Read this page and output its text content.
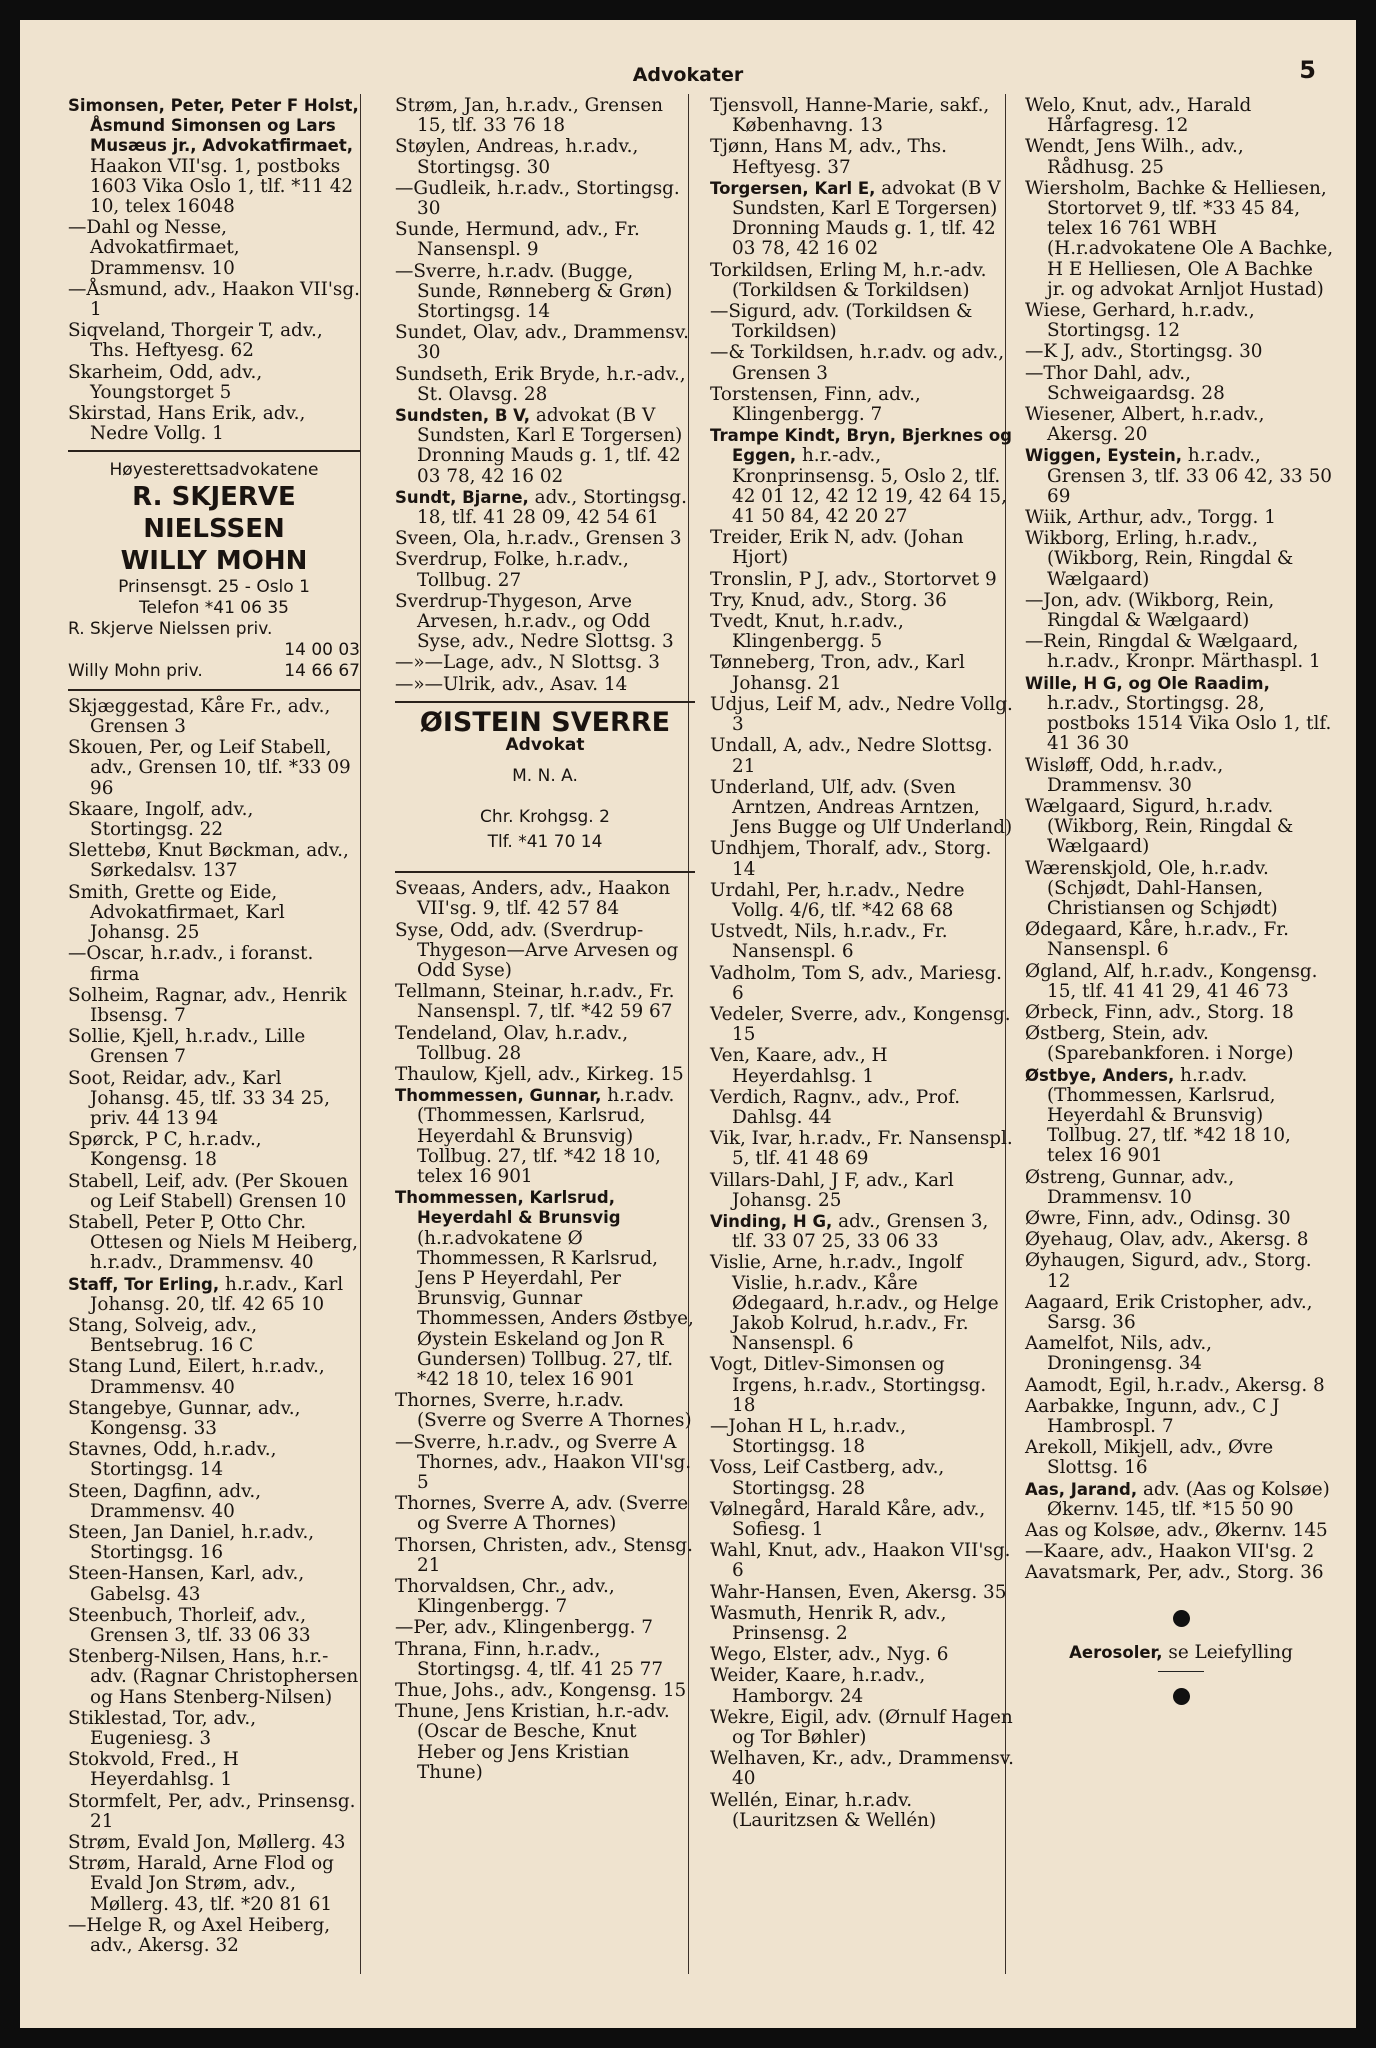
Advokater	5
Simonsen, Peter, Peter F Holst, Åsmund Simonsen og Lars Musæus jr., Advokatfirmaet, Haakon VII'sg. 1, postboks 1603 Vika Oslo 1, tlf. *11 42 10, telex 16048
—Dahl og Nesse, Advokatfirmaet, Drammensv. 10
—Åsmund, adv., Haakon VII'sg. 1
Siqveland, Thorgeir T, adv., Ths. Heftyesg. 62
Skarheim, Odd, adv., Youngstorget 5
Skirstad, Hans Erik, adv., Nedre Vollg. 1
Høyesterettsadvokatene
R. SKJERVE NIELSSEN
WILLY MOHN
Prinsensgt. 25 - Oslo 1
Telefon *41 06 35
R. Skjerve Nielssen priv.
14 00 03
Willy Mohn priv.	14 66 67
Skjæggestad, Kåre Fr., adv., Grensen 3
Skouen, Per, og Leif Stabell, adv., Grensen 10, tlf. *33 09 96
Skaare, Ingolf, adv., Stortingsg. 22
Slettebø, Knut Bøckman, adv., Sørkedalsv. 137
Smith, Grette og Eide, Advokatfirmaet, Karl Johansg. 25
—Oscar, h.r.adv., i foranst. firma
Solheim, Ragnar, adv., Henrik Ibsensg. 7
Sollie, Kjell, h.r.adv., Lille Grensen 7
Soot, Reidar, adv., Karl Johansg. 45, tlf. 33 34 25, priv. 44 13 94
Spørck, P C, h.r.adv., Kongensg. 18
Stabell, Leif, adv. (Per Skouen og Leif Stabell) Grensen 10
Stabell, Peter P, Otto Chr. Ottesen og Niels M Heiberg, h.r.adv., Drammensv. 40
Staff, Tor Erling, h.r.adv., Karl Johansg. 20, tlf. 42 65 10
Stang, Solveig, adv., Bentsebrug. 16 C
Stang Lund, Eilert, h.r.adv., Drammensv. 40
Stangebye, Gunnar, adv., Kongensg. 33
Stavnes, Odd, h.r.adv., Stortingsg. 14
Steen, Dagfinn, adv., Drammensv. 40
Steen, Jan Daniel, h.r.adv., Stortingsg. 16
Steen-Hansen, Karl, adv., Gabelsg. 43
Steenbuch, Thorleif, adv., Grensen 3, tlf. 33 06 33
Stenberg-Nilsen, Hans, h.r.-adv. (Ragnar Christophersen og Hans Stenberg-Nilsen)
Stiklestad, Tor, adv., Eugeniesg. 3
Stokvold, Fred., H Heyerdahlsg. 1
Stormfelt, Per, adv., Prinsensg. 21
Strøm, Evald Jon, Møllerg. 43
Strøm, Harald, Arne Flod og Evald Jon Strøm, adv., Møllerg. 43, tlf. *20 81 61
—Helge R, og Axel Heiberg, adv., Akersg. 32
Strøm, Jan, h.r.adv., Grensen 15, tlf. 33 76 18
Støylen, Andreas, h.r.adv., Stortingsg. 30
—Gudleik, h.r.adv., Stortingsg. 30
Sunde, Hermund, adv., Fr. Nansenspl. 9
—Sverre, h.r.adv. (Bugge, Sunde, Rønneberg & Grøn) Stortingsg. 14
Sundet, Olav, adv., Drammensv. 30
Sundseth, Erik Bryde, h.r.-adv., St. Olavsg. 28
Sundsten, B V, advokat (B V Sundsten, Karl E Torgersen) Dronning Mauds g. 1, tlf. 42 03 78, 42 16 02
Sundt, Bjarne, adv., Stortingsg. 18, tlf. 41 28 09, 42 54 61
Sveen, Ola, h.r.adv., Grensen 3
Sverdrup, Folke, h.r.adv., Tollbug. 27
Sverdrup-Thygeson, Arve Arvesen, h.r.adv., og Odd Syse, adv., Nedre Slottsg. 3
—»—Lage, adv., N Slottsg. 3
—»—Ulrik, adv., Asav. 14
ØISTEIN SVERRE
Advokat
M. N. A.
Chr. Krohgsg. 2
Tlf. *41 70 14
Sveaas, Anders, adv., Haakon VII'sg. 9, tlf. 42 57 84
Syse, Odd, adv. (Sverdrup-Thygeson—Arve Arvesen og Odd Syse)
Tellmann, Steinar, h.r.adv., Fr. Nansenspl. 7, tlf. *42 59 67
Tendeland, Olav, h.r.adv., Tollbug. 28
Thaulow, Kjell, adv., Kirkeg. 15
Thommessen, Gunnar, h.r.adv. (Thommessen, Karlsrud, Heyerdahl & Brunsvig) Tollbug. 27, tlf. *42 18 10, telex 16 901
Thommessen, Karlsrud, Heyerdahl & Brunsvig (h.r.advokatene Ø Thommessen, R Karlsrud, Jens P Heyerdahl, Per Brunsvig, Gunnar Thommessen, Anders Østbye, Øystein Eskeland og Jon R Gundersen) Tollbug. 27, tlf. *42 18 10, telex 16 901
Thornes, Sverre, h.r.adv. (Sverre og Sverre A Thornes)
—Sverre, h.r.adv., og Sverre A Thornes, adv., Haakon VII'sg. 5
Thornes, Sverre A, adv. (Sverre og Sverre A Thornes)
Thorsen, Christen, adv., Stensg. 21
Thorvaldsen, Chr., adv., Klingenbergg. 7
—Per, adv., Klingenbergg. 7
Thrana, Finn, h.r.adv., Stortingsg. 4, tlf. 41 25 77
Thue, Johs., adv., Kongensg. 15
Thune, Jens Kristian, h.r.-adv. (Oscar de Besche, Knut Heber og Jens Kristian Thune)
Tjensvoll, Hanne-Marie, sakf., Københavng. 13
Tjønn, Hans M, adv., Ths. Heftyesg. 37
Torgersen, Karl E, advokat (B V Sundsten, Karl E Torgersen) Dronning Mauds g. 1, tlf. 42 03 78, 42 16 02
Torkildsen, Erling M, h.r.-adv. (Torkildsen & Torkildsen)
—Sigurd, adv. (Torkildsen & Torkildsen)
—& Torkildsen, h.r.adv. og adv., Grensen 3
Torstensen, Finn, adv., Klingenbergg. 7
Trampe Kindt, Bryn, Bjerknes og Eggen, h.r.-adv., Kronprinsensg. 5, Oslo 2, tlf. 42 01 12, 42 12 19, 42 64 15, 41 50 84, 42 20 27
Treider, Erik N, adv. (Johan Hjort)
Tronslin, P J, adv., Stortorvet 9
Try, Knud, adv., Storg. 36
Tvedt, Knut, h.r.adv., Klingenbergg. 5
Tønneberg, Tron, adv., Karl Johansg. 21
Udjus, Leif M, adv., Nedre Vollg. 3
Undall, A, adv., Nedre Slottsg. 21
Underland, Ulf, adv. (Sven Arntzen, Andreas Arntzen, Jens Bugge og Ulf Underland)
Undhjem, Thoralf, adv., Storg. 14
Urdahl, Per, h.r.adv., Nedre Vollg. 4/6, tlf. *42 68 68
Ustvedt, Nils, h.r.adv., Fr. Nansenspl. 6
Vadholm, Tom S, adv., Mariesg. 6
Vedeler, Sverre, adv., Kongensg. 15
Ven, Kaare, adv., H Heyerdahlsg. 1
Verdich, Ragnv., adv., Prof. Dahlsg. 44
Vik, Ivar, h.r.adv., Fr. Nansenspl. 5, tlf. 41 48 69
Villars-Dahl, J F, adv., Karl Johansg. 25
Vinding, H G, adv., Grensen 3, tlf. 33 07 25, 33 06 33
Vislie, Arne, h.r.adv., Ingolf Vislie, h.r.adv., Kåre Ødegaard, h.r.adv., og Helge Jakob Kolrud, h.r.adv., Fr. Nansenspl. 6
Vogt, Ditlev-Simonsen og Irgens, h.r.adv., Stortingsg. 18
—Johan H L, h.r.adv., Stortingsg. 18
Voss, Leif Castberg, adv., Stortingsg. 28
Vølnegård, Harald Kåre, adv., Sofiesg. 1
Wahl, Knut, adv., Haakon VII'sg. 6
Wahr-Hansen, Even, Akersg. 35
Wasmuth, Henrik R, adv., Prinsensg. 2
Wego, Elster, adv., Nyg. 6
Weider, Kaare, h.r.adv., Hamborgv. 24
Wekre, Eigil, adv. (Ørnulf Hagen og Tor Bøhler)
Welhaven, Kr., adv., Drammensv. 40
Wellén, Einar, h.r.adv. (Lauritzsen & Wellén)
Welo, Knut, adv., Harald Hårfagresg. 12
Wendt, Jens Wilh., adv., Rådhusg. 25
Wiersholm, Bachke & Helliesen, Stortorvet 9, tlf. *33 45 84, telex 16 761 WBH (H.r.advokatene Ole A Bachke, H E Helliesen, Ole A Bachke jr. og advokat Arnljot Hustad)
Wiese, Gerhard, h.r.adv., Stortingsg. 12
—K J, adv., Stortingsg. 30
—Thor Dahl, adv., Schweigaardsg. 28
Wiesener, Albert, h.r.adv., Akersg. 20
Wiggen, Eystein, h.r.adv., Grensen 3, tlf. 33 06 42, 33 50 69
Wiik, Arthur, adv., Torgg. 1
Wikborg, Erling, h.r.adv., (Wikborg, Rein, Ringdal & Wælgaard)
—Jon, adv. (Wikborg, Rein, Ringdal & Wælgaard)
—Rein, Ringdal & Wælgaard, h.r.adv., Kronpr. Märthaspl. 1
Wille, H G, og Ole Raadim, h.r.adv., Stortingsg. 28, postboks 1514 Vika Oslo 1, tlf. 41 36 30
Wisløff, Odd, h.r.adv., Drammensv. 30
Wælgaard, Sigurd, h.r.adv. (Wikborg, Rein, Ringdal & Wælgaard)
Wærenskjold, Ole, h.r.adv. (Schjødt, Dahl-Hansen, Christiansen og Schjødt)
Ødegaard, Kåre, h.r.adv., Fr. Nansenspl. 6
Øgland, Alf, h.r.adv., Kongensg. 15, tlf. 41 41 29, 41 46 73
Ørbeck, Finn, adv., Storg. 18
Østberg, Stein, adv. (Sparebankforen. i Norge)
Østbye, Anders, h.r.adv. (Thommessen, Karlsrud, Heyerdahl & Brunsvig) Tollbug. 27, tlf. *42 18 10, telex 16 901
Østreng, Gunnar, adv., Drammensv. 10
Øwre, Finn, adv., Odinsg. 30
Øyehaug, Olav, adv., Akersg. 8
Øyhaugen, Sigurd, adv., Storg. 12
Aagaard, Erik Cristopher, adv., Sarsg. 36
Aamelfot, Nils, adv., Droningensg. 34
Aamodt, Egil, h.r.adv., Akersg. 8
Aarbakke, Ingunn, adv., C J Hambrospl. 7
Arekoll, Mikjell, adv., Øvre Slottsg. 16
Aas, Jarand, adv. (Aas og Kolsøe) Økernv. 145, tlf. *15 50 90
Aas og Kolsøe, adv., Økernv. 145
—Kaare, adv., Haakon VII'sg. 2
Aavatsmark, Per, adv., Storg. 36
Aerosoler, se Leiefylling
